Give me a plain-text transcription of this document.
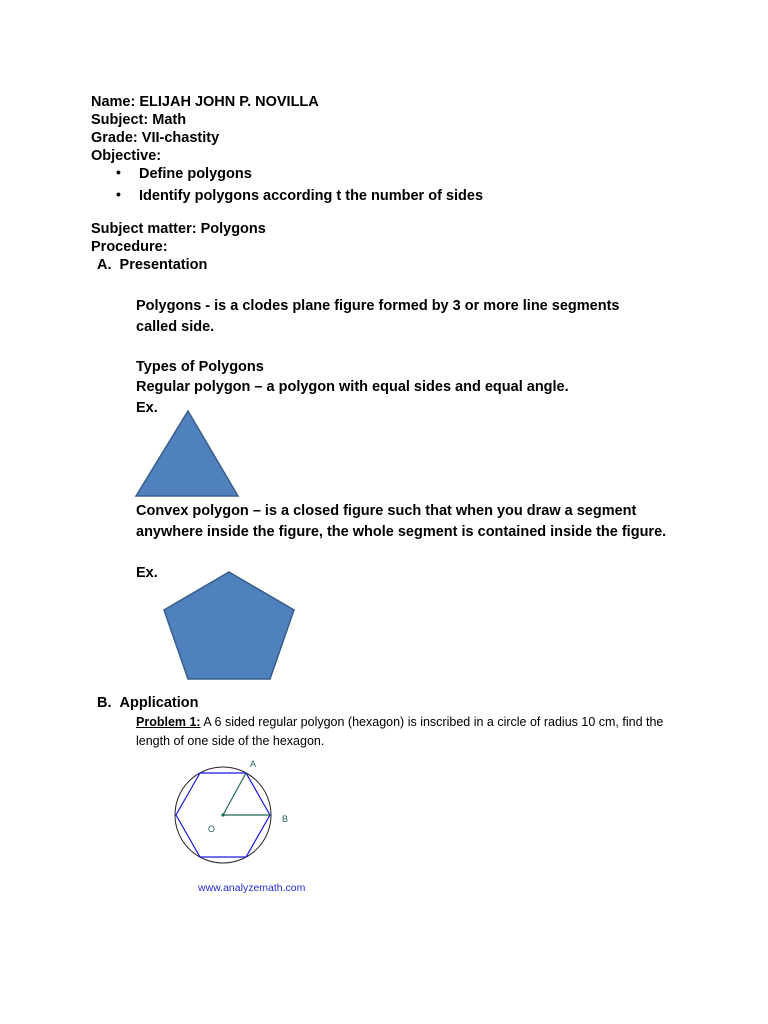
Name: ELIJAH JOHN P. NOVILLA
Subject: Math
Grade: VII-chastity
Objective:
• Define polygons
• Identify polygons according t the number of sides
Subject matter: Polygons
Procedure:
A. Presentation
Polygons - is a clodes plane figure formed by 3 or more line segments called side.
Types of Polygons
Regular polygon – a polygon with equal sides and equal angle.
Ex.
Convex polygon – is a closed figure such that when you draw a segment anywhere inside the figure, the whole segment is contained inside the figure.
Ex.
B. Application
Problem 1: A 6 sided regular polygon (hexagon) is inscribed in a circle of radius 10 cm, find the length of one side of the hexagon.
A
B
O
www.analyzemath.com
